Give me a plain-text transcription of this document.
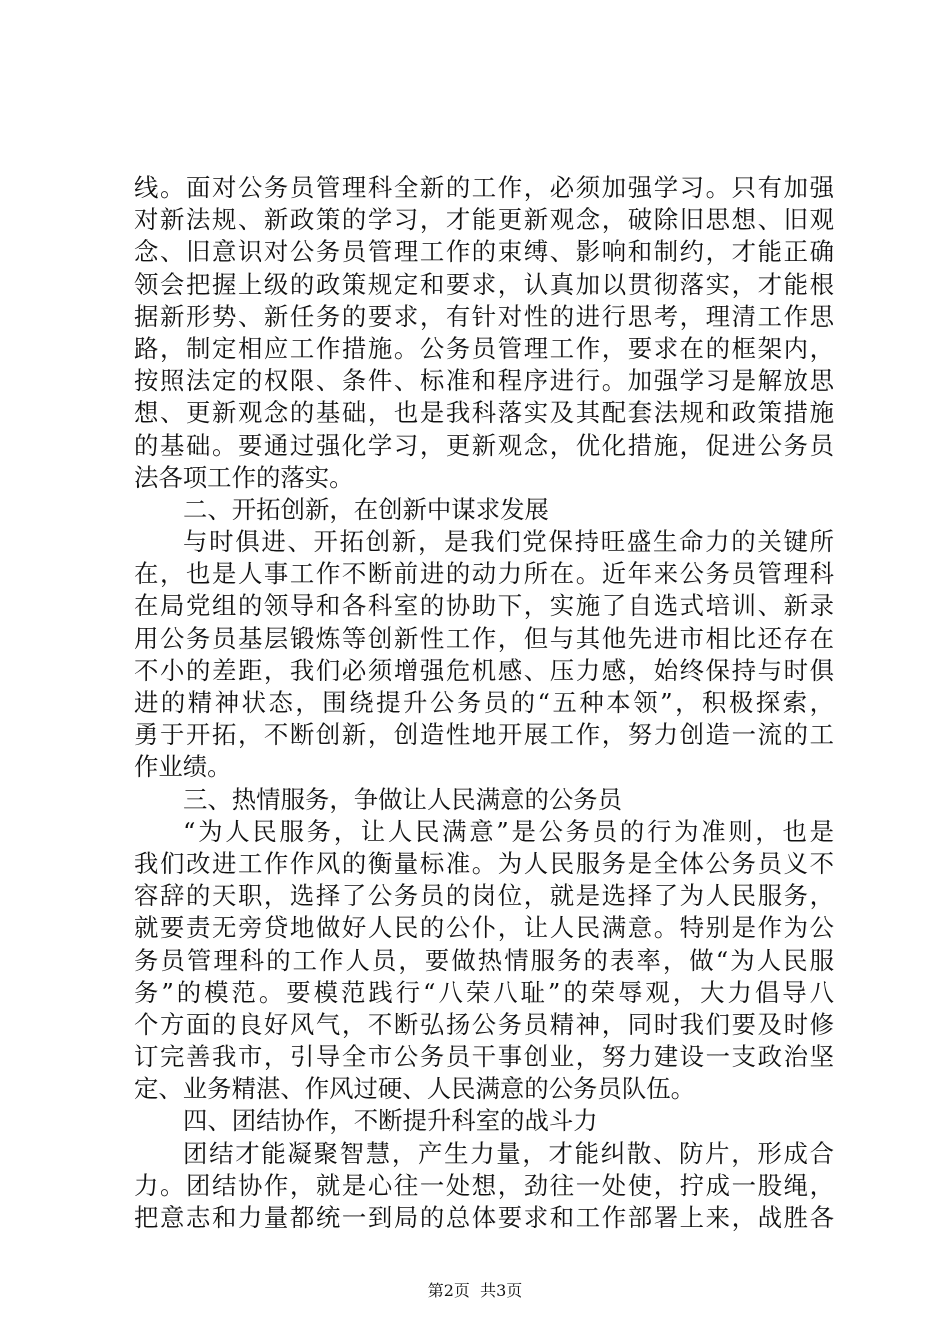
线。面对公务员管理科全新的工作，必须加强学习。只有加强
对新法规、新政策的学习，才能更新观念，破除旧思想、旧观
念、旧意识对公务员管理工作的束缚、影响和制约，才能正确
领会把握上级的政策规定和要求，认真加以贯彻落实，才能根
据新形势、新任务的要求，有针对性的进行思考，理清工作思
路，制定相应工作措施。公务员管理工作，要求在的框架内，
按照法定的权限、条件、标准和程序进行。加强学习是解放思
想、更新观念的基础，也是我科落实及其配套法规和政策措施
的基础。要通过强化学习，更新观念，优化措施，促进公务员
法各项工作的落实。
二、开拓创新，在创新中谋求发展
与时俱进、开拓创新，是我们党保持旺盛生命力的关键所
在，也是人事工作不断前进的动力所在。近年来公务员管理科
在局党组的领导和各科室的协助下，实施了自选式培训、新录
用公务员基层锻炼等创新性工作，但与其他先进市相比还存在
不小的差距，我们必须增强危机感、压力感，始终保持与时俱
进的精神状态，围绕提升公务员的“五种本领”，积极探索，
勇于开拓，不断创新，创造性地开展工作，努力创造一流的工
作业绩。
三、热情服务，争做让人民满意的公务员
“为人民服务，让人民满意”是公务员的行为准则，也是
我们改进工作作风的衡量标准。为人民服务是全体公务员义不
容辞的天职，选择了公务员的岗位，就是选择了为人民服务，
就要责无旁贷地做好人民的公仆，让人民满意。特别是作为公
务员管理科的工作人员，要做热情服务的表率，做“为人民服
务”的模范。要模范践行“八荣八耻”的荣辱观，大力倡导八
个方面的良好风气，不断弘扬公务员精神，同时我们要及时修
订完善我市，引导全市公务员干事创业，努力建设一支政治坚
定、业务精湛、作风过硬、人民满意的公务员队伍。
四、团结协作，不断提升科室的战斗力
团结才能凝聚智慧，产生力量，才能纠散、防片，形成合
力。团结协作，就是心往一处想，劲往一处使，拧成一股绳，
把意志和力量都统一到局的总体要求和工作部署上来，战胜各
第2页  共3页
